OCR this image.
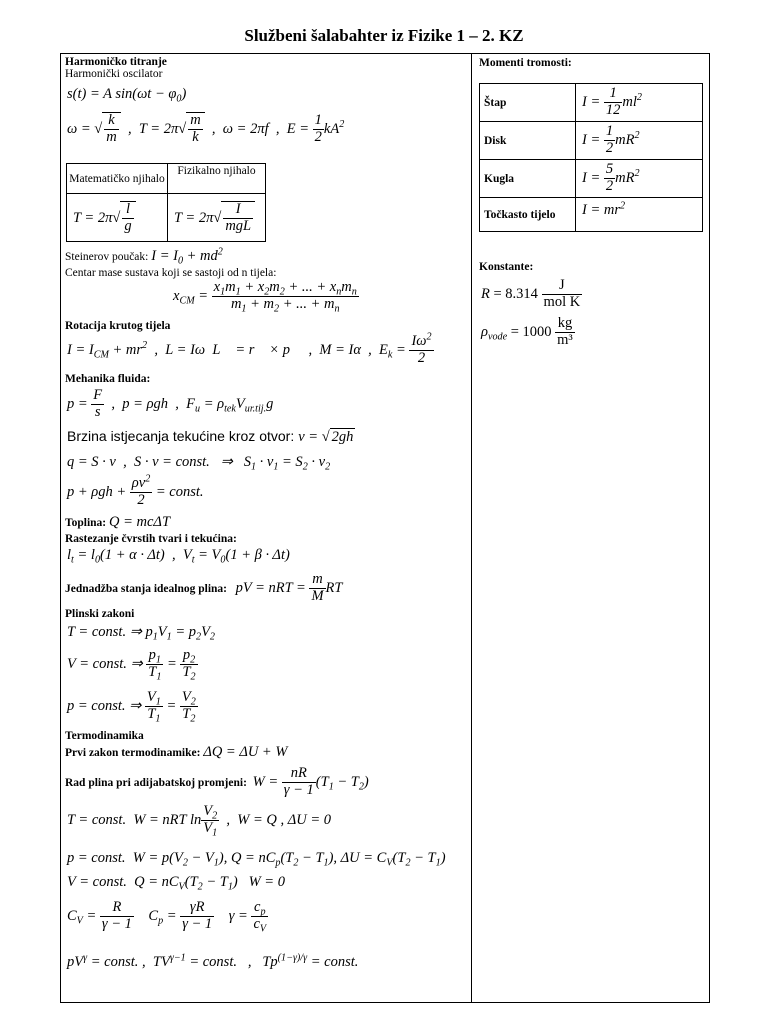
Službeni šalabahter iz Fizike 1 – 2. KZ
Harmoničko titranje
Harmonički oscilator
s(t) = A $\sin(\omega t - \varphi_0)$
ω = √ $\frac{k}{m}$ ,  $T = 2\pi√ \frac{m}{k}$ ,  ω = 2πf  ,  $E = \frac{1}{2} kA^2$
Matematičko njihalo	Fizikalno njihalo
$T = 2\pi√ \frac{l}{g}$	$T = 2\pi√ \frac{I}{\text{mgL}}$
Steinerov poučak: $I = I_0 + md^2$
Centar mase sustava koji se sastoji od n tijela:
$x_{CM} = \frac{x_1m_1 + x_2m_2 + ... + x_nm_n}{m_1 + m_2 + ... + m_n}$
Rotacija krutog tijela
$I = I_{CM} + mr^2$  ,  L = Iω  L⃗ = r⃗ × p⃗  ,  M = Iα  ,  $E_k = \frac{I\omega^2}{2}$
Mehanika fluida:
$p = \frac{F}{s}$ ,  p = ρgh  ,  $F_u = \rho_{tek}V_{ur.tij.}g$
Brzina istjecanja tekućine kroz otvor: v = √ 2gh
q = S · v  ,  S · v = const.   ⇒   $S_1 \cdot v_1 = S_2 \cdot v_2$
$p + \rho gh + \frac{\rho v^2}{2}$ = const.
Toplina: Q = mcΔT
Rastezanje čvrstih tvari i tekućina:
$l_t = l_0(1 + \alpha \cdot \Delta t)$  ,  $V_t = V_0(1 + \beta \cdot \Delta t)$
Jednadžba stanja idealnog plina: pV = nRT = $\frac{m}{M}$ RT
Plinski zakoni
T = const. ⇒ $p_1V_1 = p_2V_2$
V = const. ⇒ $\frac{p_1}{T_1} = \frac{p_2}{T_2}$
p = const. ⇒ $\frac{V_1}{T_1} = \frac{V_2}{T_2}$
Termodinamika
Prvi zakon termodinamike: ΔQ = ΔU + W
Rad plina pri adijabatskoj promjeni: $W = \frac{nR}{\gamma - 1} (T_1 - T_2)$
T = const.  W = nRT $\ln \frac{V_2}{V_1}$ ,  W = Q , ΔU = 0
p = const.  $W = p(V_2 - V_1)$, $Q = nC_p(T_2 - T_1)$, $\Delta U = C_V(T_2 - T_1)$
V = const.  $Q = nC_V(T_2 - T_1) W = 0$
$C_V = \frac{R}{\gamma - 1} C_p = \frac{\gamma R}{\gamma - 1}$ $\gamma = \frac{c_p}{c_V}$
$pV^\gamma$ = const. ,  $TV^{\gamma-1}$ = const.   ,   $Tp^{(1-\gamma)/\gamma}$ = const.
Momenti tromosti:
Štap	$I = \frac{1}{12} ml^2$
Disk	$I = \frac{1}{2} mR^2$
Kugla	$I = \frac{5}{2} mR^2$
Točkasto tijelo	$I = mr^2$
Konstante:
$R = 8.314 \frac{J}{\text{mol K}}$
$\rho_{vode} = 1000 \frac{kg}{\text{m³}}$
